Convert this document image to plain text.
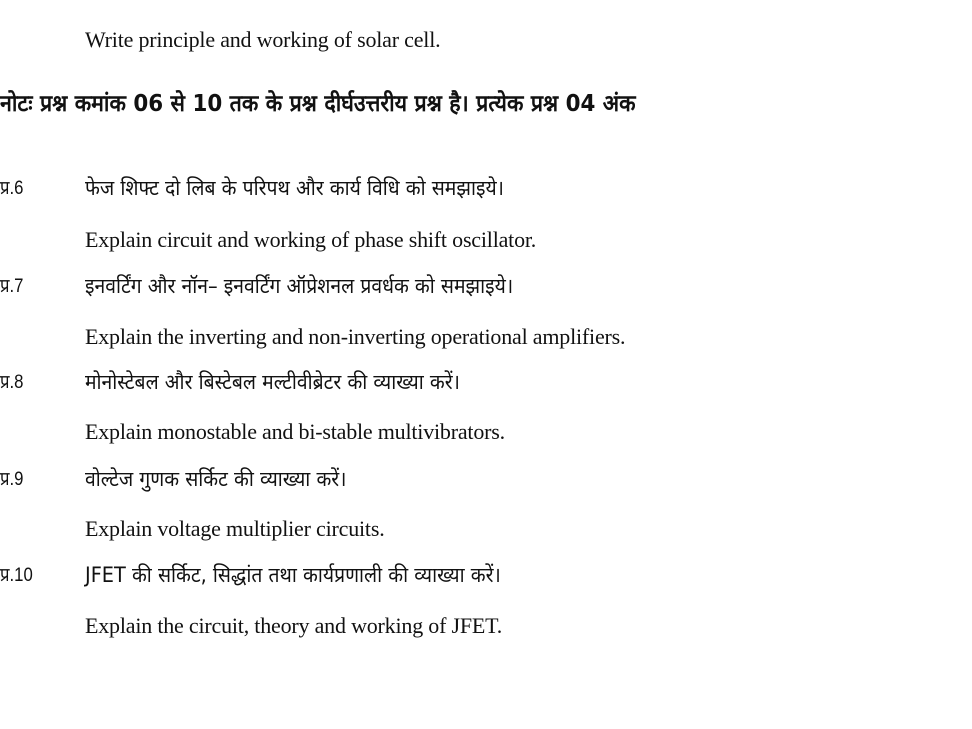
Write principle and working of solar cell.
नोटः प्रश्न कमांक 06 से 10 तक के प्रश्न दीर्घउत्तरीय प्रश्न है। प्रत्येक प्रश्न 04 अंक
प्र.6	फेज शिफ्ट दो लिब के परिपथ और कार्य विधि को समझाइये।
Explain circuit and working of phase shift oscillator.
प्र.7	इनवर्टिंग और नॉन– इनवर्टिंग ऑप्रेशनल प्रवर्धक को समझाइये।
Explain the inverting and non-inverting operational amplifiers.
प्र.8	मोनोस्टेबल और बिस्टेबल मल्टीवीब्रेटर की व्याख्या करें।
Explain monostable and bi-stable multivibrators.
प्र.9	वोल्टेज गुणक सर्किट की व्याख्या करें।
Explain voltage multiplier circuits.
प्र.10 JFET की सर्किट, सिद्धांत तथा कार्यप्रणाली की व्याख्या करें।
Explain the circuit, theory and working of JFET.
